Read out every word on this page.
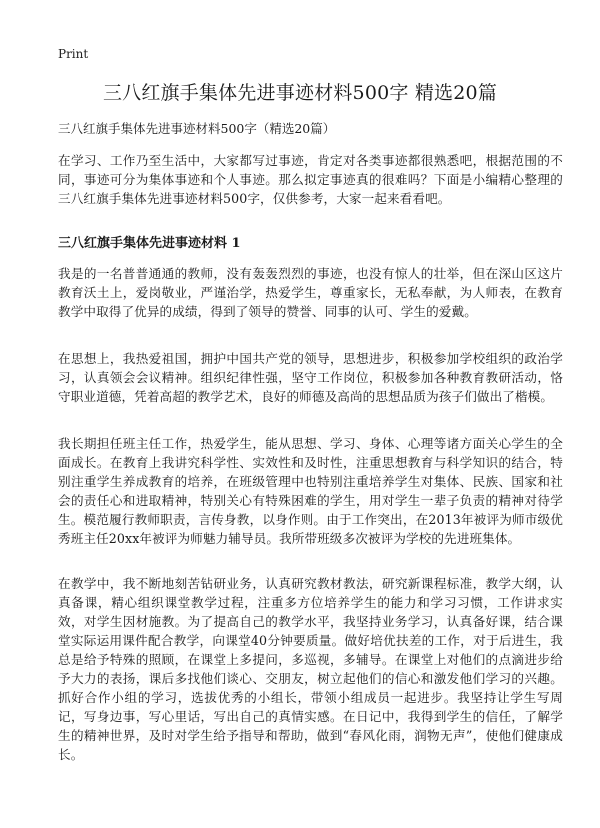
Print
三八红旗手集体先进事迹材料500字 精选20篇
三八红旗手集体先进事迹材料500字（精选20篇）
在学习、工作乃至生活中，大家都写过事迹，肯定对各类事迹都很熟悉吧，根据范围的不同，事迹可分为集体事迹和个人事迹。那么拟定事迹真的很难吗？下面是小编精心整理的三八红旗手集体先进事迹材料500字，仅供参考，大家一起来看看吧。
三八红旗手集体先进事迹材料 1
我是的一名普普通通的教师，没有轰轰烈烈的事迹，也没有惊人的壮举，但在深山区这片教育沃土上，爱岗敬业，严谨治学，热爱学生，尊重家长，无私奉献，为人师表，在教育教学中取得了优异的成绩，得到了领导的赞誉、同事的认可、学生的爱戴。
在思想上，我热爱祖国，拥护中国共产党的领导，思想进步，积极参加学校组织的政治学习，认真领会会议精神。组织纪律性强，坚守工作岗位，积极参加各种教育教研活动，恪守职业道德，凭着高超的教学艺术，良好的师德及高尚的思想品质为孩子们做出了楷模。
我长期担任班主任工作，热爱学生，能从思想、学习、身体、心理等诸方面关心学生的全面成长。在教育上我讲究科学性、实效性和及时性，注重思想教育与科学知识的结合，特别注重学生养成教育的培养，在班级管理中也特别注重培养学生对集体、民族、国家和社会的责任心和进取精神，特别关心有特殊困难的学生，用对学生一辈子负责的精神对待学生。模范履行教师职责，言传身教，以身作则。由于工作突出，在2013年被评为师市级优秀班主任20xx年被评为师魅力辅导员。我所带班级多次被评为学校的先进班集体。
在教学中，我不断地刻苦钻研业务，认真研究教材教法，研究新课程标准，教学大纲，认真备课，精心组织课堂教学过程，注重多方位培养学生的能力和学习习惯，工作讲求实效，对学生因材施教。为了提高自己的教学水平，我坚持业务学习，认真备好课，结合课堂实际运用课件配合教学，向课堂40分钟要质量。做好培优扶差的工作，对于后进生，我总是给予特殊的照顾，在课堂上多提问，多巡视，多辅导。在课堂上对他们的点滴进步给予大力的表扬，课后多找他们谈心、交朋友，树立起他们的信心和激发他们学习的兴趣。抓好合作小组的学习，选拔优秀的小组长，带领小组成员一起进步。我坚持让学生写周记，写身边事，写心里话，写出自己的真情实感。在日记中，我得到学生的信任，了解学生的精神世界，及时对学生给予指导和帮助，做到“春风化雨，润物无声”，使他们健康成长。
